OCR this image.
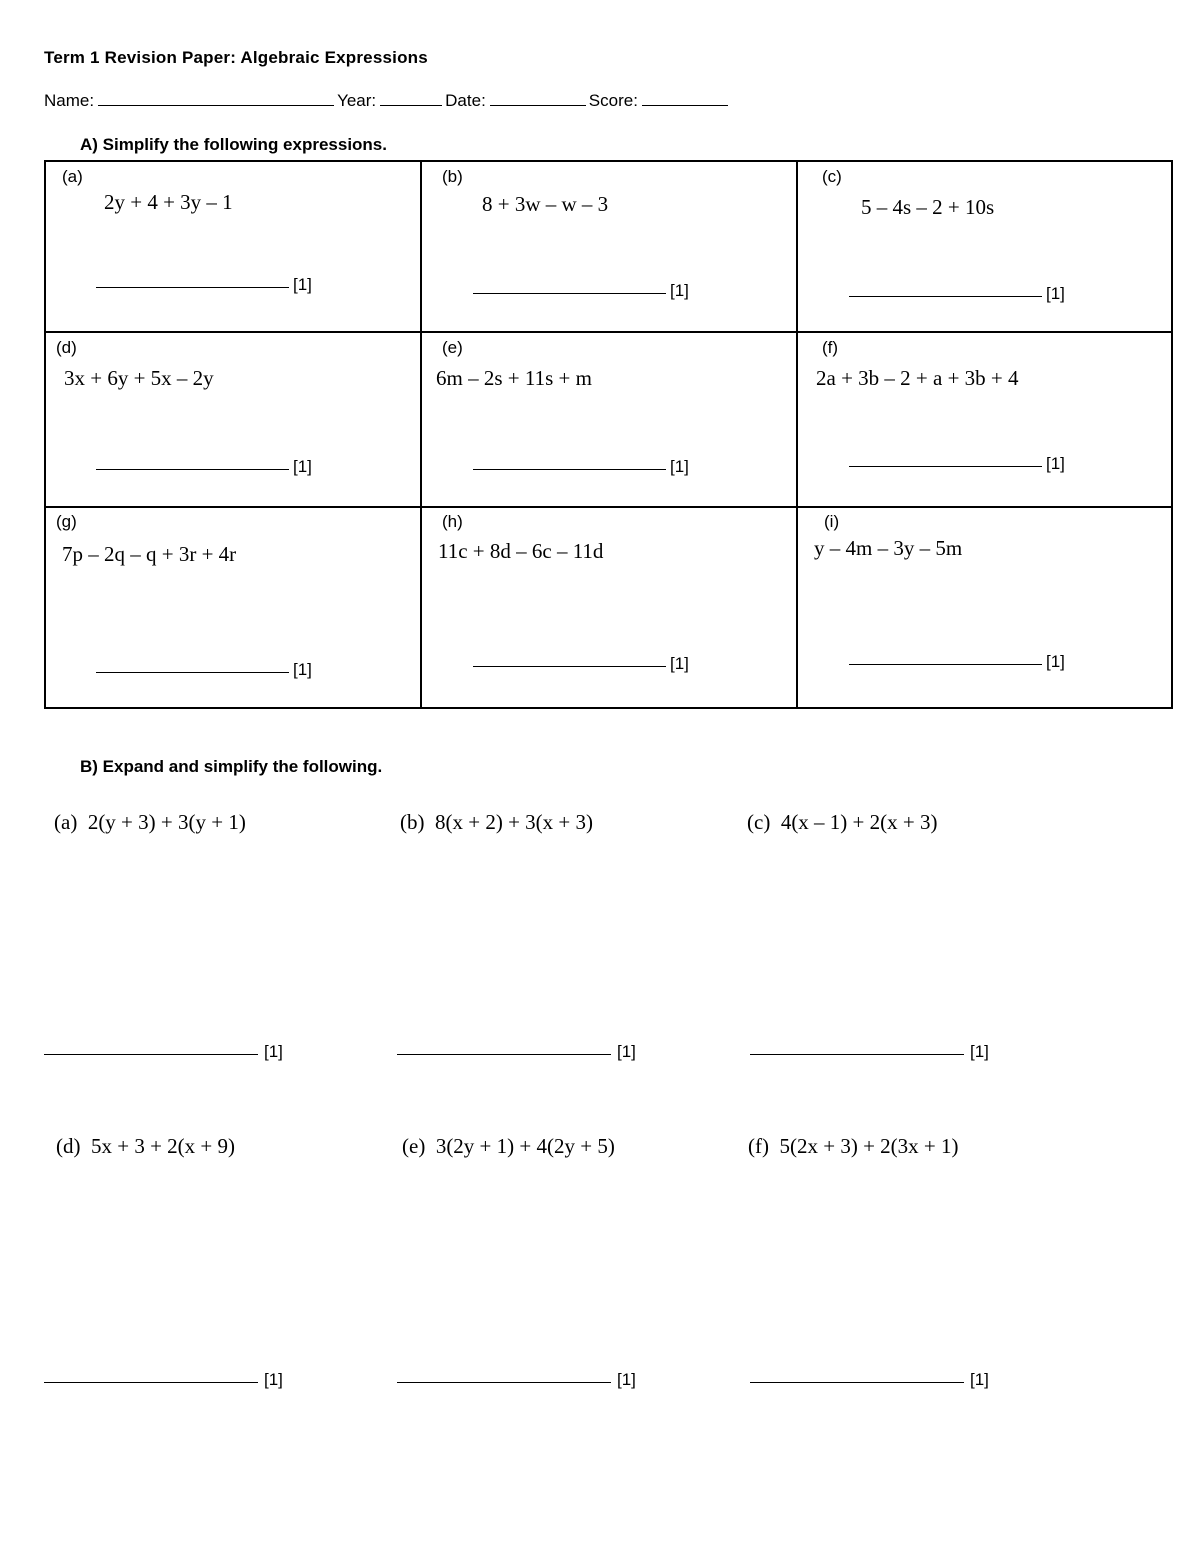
Term 1 Revision Paper: Algebraic Expressions
Name:	Year:	Date:	Score:
A) Simplify the following expressions.
(a)
2y + 4 + 3y – 1
[1]
(b)
8 + 3w – w – 3
[1]
(c)
5 – 4s – 2 + 10s
[1]
(d)
3x + 6y + 5x – 2y
[1]
(e)
6m – 2s + 11s + m
[1]
(f)
2a + 3b – 2 + a + 3b + 4
[1]
(g)
7p – 2q – q + 3r + 4r
[1]
(h)
11c + 8d – 6c – 11d
[1]
(i)
y – 4m – 3y – 5m
[1]
B) Expand and simplify the following.
(a) 2(y + 3) + 3(y + 1)	(b) 8(x + 2) + 3(x + 3)	(c) 4(x – 1) + 2(x + 3)
[1]	[1]	[1]
(d) 5x + 3 + 2(x + 9)	(e) 3(2y + 1) + 4(2y + 5)	(f) 5(2x + 3) + 2(3x + 1)
[1]	[1]	[1]
